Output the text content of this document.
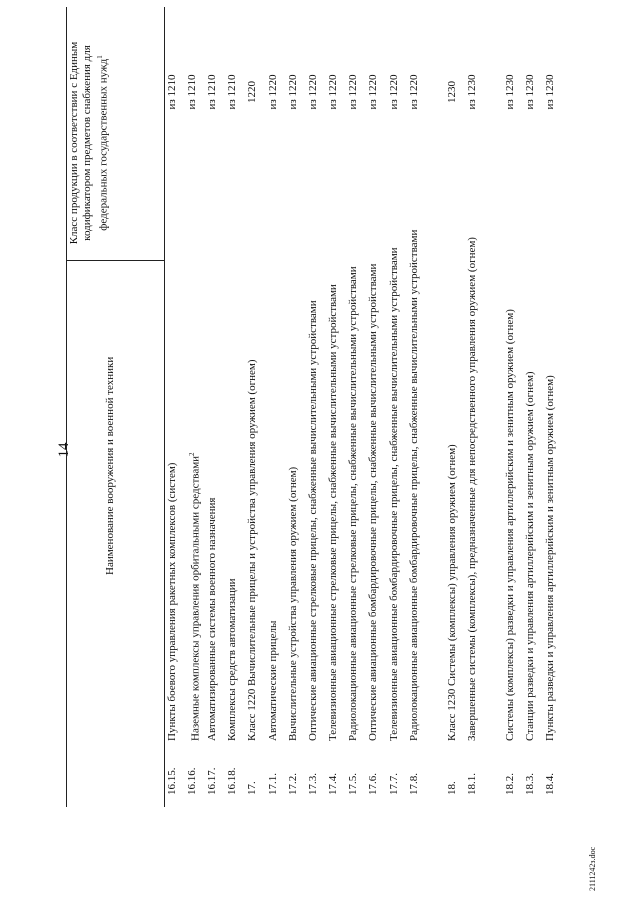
14	Наименование вооружения и военной техники
Класс продукции в соответствии с Единым кодификатором предметов снабжения для федеральных государственных нужд$^1$
16.15.
Пункты боевого управления ракетных комплексов (систем)
из 1210
16.16.
Наземные комплексы управления орбитальными средствами$^2$
из 1210
16.17.
Автоматизированные системы военного назначения
из 1210
16.18.
Комплексы средств автоматизации
из 1210
17.
Класс 1220 Вычислительные прицелы и устройства управления оружием (огнем)
1220
17.1.
Автоматические прицелы
из 1220
17.2.
Вычислительные устройства управления оружием (огнем)
из 1220
17.3.
Оптические авиационные стрелковые прицелы, снабженные вычислительными устройствами
из 1220
17.4.
Телевизионные авиационные стрелковые прицелы, снабженные вычислительными устройствами
из 1220
17.5.
Радиолокационные авиационные стрелковые прицелы, снабженные вычислительными устройствами
из 1220
17.6.
Оптические авиационные бомбардировочные прицелы, снабженные вычислительными устройствами
из 1220
17.7.
Телевизионные авиационные бомбардировочные прицелы, снабженные вычислительными устройствами
из 1220
17.8.
Радиолокационные авиационные бомбардировочные прицелы, снабженные вычислительными устройствами
из 1220
18.
Класс 1230 Системы (комплексы) управления оружием (огнем)
1230
18.1.
Завершенные системы (комплексы), предназначенные для непосредственного управления оружием (огнем)
из 1230
18.2.
Системы (комплексы) разведки и управления артиллерийским и зенитным оружием (огнем)
из 1230
18.3.
Станции разведки и управления артиллерийским и зенитным оружием (огнем)
из 1230
18.4.
Пункты разведки и управления артиллерийским и зенитным оружием (огнем)
из 1230
2111242з.doc
